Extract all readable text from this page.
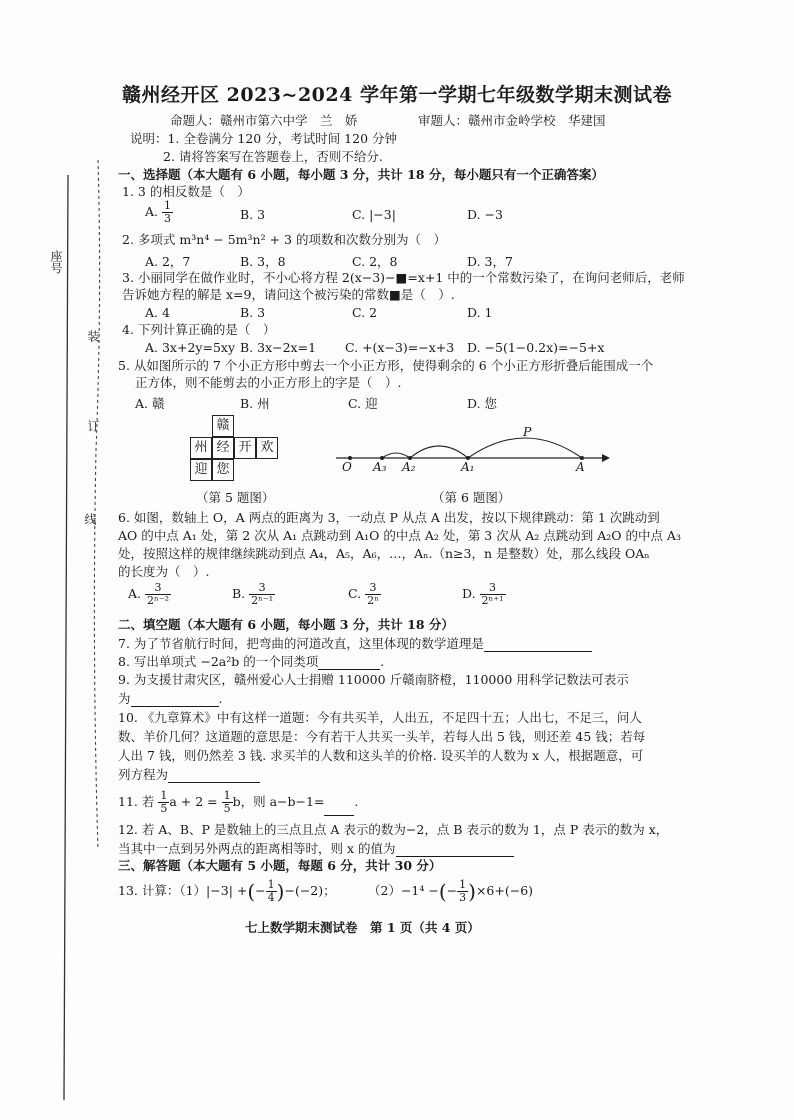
座号
装
订
线
赣州经开区 2023~2024 学年第一学期七年级数学期末测试卷
命题人：赣州市第六中学　兰　娇	审题人：赣州市金岭学校　华建国
说明：1. 全卷满分 120 分，考试时间 120 分钟
2. 请将答案写在答题卷上，否则不给分.
一、选择题（本大题有 6 小题，每小题 3 分，共计 18 分，每小题只有一个正确答案）
1. 3 的相反数是（　）
A. $\frac{1}{3}$	B. 3	C. |−3|	D. −3
2. 多项式 m³n⁴ − 5m³n² + 3 的项数和次数分别为（　）
A. 2，7	B. 3，8	C. 2，8	D. 3，7
3. 小丽同学在做作业时，不小心将方程 2(x−3)−■=x+1 中的一个常数污染了，在询问老师后，老师
告诉她方程的解是 x=9，请问这个被污染的常数■是（　）.
A. 4	B. 3	C. 2	D. 1
4. 下列计算正确的是（　）
A. 3x+2y=5xy B. 3x−2x=1 C. +(x−3)=−x+3 D. −5(1−0.2x)=−5+x
5. 从如图所示的 7 个小正方形中剪去一个小正方形，使得剩余的 6 个小正方形折叠后能围成一个
正方体，则不能剪去的小正方形上的字是（　）.
A. 赣	B. 州	C. 迎	D. 您
赣
州 经 开 欢
迎 您
（第 5 题图）
O A₃ A₂	A₁	A
P
（第 6 题图）
6. 如图，数轴上 O，A 两点的距离为 3，一动点 P 从点 A 出发，按以下规律跳动：第 1 次跳动到
AO 的中点 A₁ 处，第 2 次从 A₁ 点跳动到 A₁O 的中点 A₂ 处，第 3 次从 A₂ 点跳动到 A₂O 的中点 A₃
处，按照这样的规律继续跳动到点 A₄，A₅，A₆，…，Aₙ.（n≥3，n 是整数）处，那么线段 OAₙ
的长度为（　）.
A. $\frac{3}{\text{2ⁿ⁻²}}$	B. $\frac{3}{\text{2ⁿ⁻¹}}$	C. $\frac{3}{\text{2ⁿ}}$	D. $\frac{3}{\text{2ⁿ⁺¹}}$
二、填空题（本大题有 6 小题，每小题 3 分，共计 18 分）
7. 为了节省航行时间，把弯曲的河道改直，这里体现的数学道理是
8. 写出单项式 −2a²b 的一个同类项	.
9. 为支援甘肃灾区，赣州爱心人士捐赠 110000 斤赣南脐橙，110000 用科学记数法可表示
为	.
10. 《九章算术》中有这样一道题：今有共买羊，人出五，不足四十五；人出七，不足三，问人
数、羊价几何？这道题的意思是：今有若干人共买一头羊，若每人出 5 钱，则还差 45 钱；若每
人出 7 钱，则仍然差 3 钱. 求买羊的人数和这头羊的价格. 设买羊的人数为 x 人，根据题意，可
列方程为
11. 若 $\frac{1}{5}$ $a + 2 = \frac{1}{5}$ b，则 a−b−1= .
12. 若 A、B、P 是数轴上的三点且点 A 表示的数为−2，点 B 表示的数为 1，点 P 表示的数为 x，
当其中一点到另外两点的距离相等时，则 x 的值为
三、解答题（本大题有 5 小题，每题 6 分，共计 30 分）
13. 计算：（1）|−3| +(− $\frac{1}{4} )-(-2)$；	（2）−1⁴ −(− $\frac{1}{3} )\times 6+(-6)$
七上数学期末测试卷　第 1 页（共 4 页）
